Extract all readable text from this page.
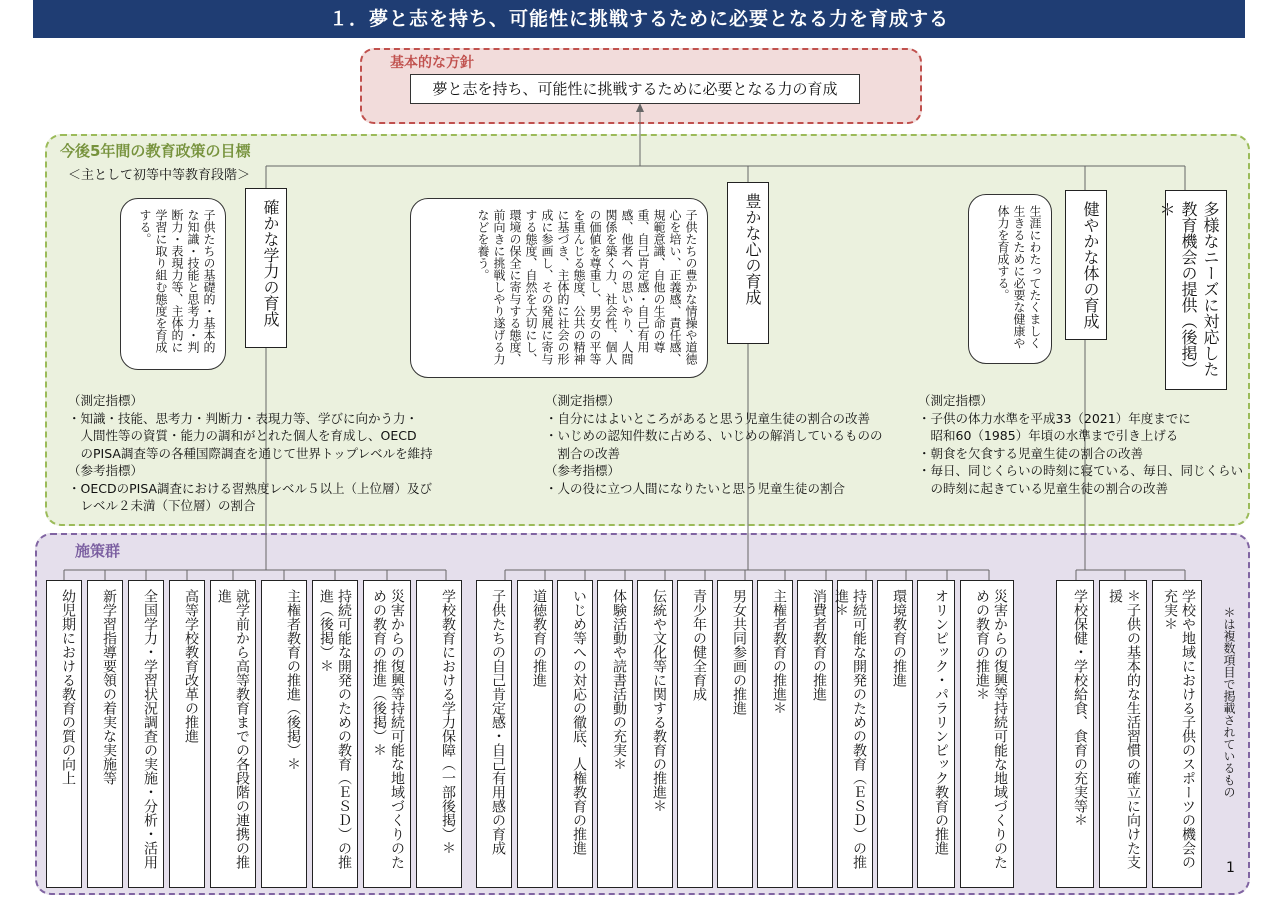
１．夢と志を持ち、可能性に挑戦するために必要となる力を育成する
基本的な方針
夢と志を持ち、可能性に挑戦するために必要となる力の育成
今後5年間の教育政策の目標
＜主として初等中等教育段階＞
子供たちの基礎的・基本的な知識・技能と思考力・判断力・表現力等、主体的に学習に取り組む態度を育成する。	確かな学力の育成
（測定指標）
・知識・技能、思考力・判断力・表現力等、学びに向かう力・
　人間性等の資質・能力の調和がとれた個人を育成し、OECD
　のPISA調査等の各種国際調査を通じて世界トップレベルを維持
（参考指標）
・OECDのPISA調査における習熟度レベル５以上（上位層）及び
　レベル２未満（下位層）の割合
子供たちの豊かな情操や道徳心を培い、正義感、責任感、規範意識、自他の生命の尊重、自己肯定感・自己有用感、他者への思いやり、人間関係を築く力、社会性、個人の価値を尊重し、男女の平等を重んじる態度、公共の精神に基づき、主体的に社会の形成に参画し、その発展に寄与する態度、自然を大切にし、環境の保全に寄与する態度、前向きに挑戦しやり遂げる力などを養う。	豊かな心の育成
（測定指標）
・自分にはよいところがあると思う児童生徒の割合の改善
・いじめの認知件数に占める、いじめの解消しているものの
　割合の改善
（参考指標）
・人の役に立つ人間になりたいと思う児童生徒の割合
生涯にわたってたくましく生きるために必要な健康や体力を育成する。	健やかな体の育成
（測定指標）
・子供の体力水準を平成33（2021）年度までに
　昭和60（1985）年頃の水準まで引き上げる
・朝食を欠食する児童生徒の割合の改善
・毎日、同じくらいの時刻に寝ている、毎日、同じくらい
　の時刻に起きている児童生徒の割合の改善
多様なニーズに対応した教育機会の提供（後掲）＊
施策群
幼児期における教育の質の向上	新学習指導要領の着実な実施等	全国学力・学習状況調査の実施・分析・活用	高等学校教育改革の推進	就学前から高等教育までの各段階の連携の推進	主権者教育の推進（後掲）＊	持続可能な開発のための教育（ＥＳＤ）の推進（後掲）＊	災害からの復興等持続可能な地域づくりのための教育の推進（後掲）＊	学校教育における学力保障（一部後掲）＊	子供たちの自己肯定感・自己有用感の育成	道徳教育の推進	いじめ等への対応の徹底、人権教育の推進	体験活動や読書活動の充実＊	伝統や文化等に関する教育の推進＊	青少年の健全育成	男女共同参画の推進	主権者教育の推進＊	消費者教育の推進	持続可能な開発のための教育（ＥＳＤ）の推進＊	環境教育の推進	オリンピック・パラリンピック教育の推進	災害からの復興等持続可能な地域づくりのための教育の推進＊	学校保健・学校給食、食育の充実等＊	＊子供の基本的な生活習慣の確立に向けた支援	学校や地域における子供のスポーツの機会の充実＊	＊は複数項目で掲載されているもの
1
